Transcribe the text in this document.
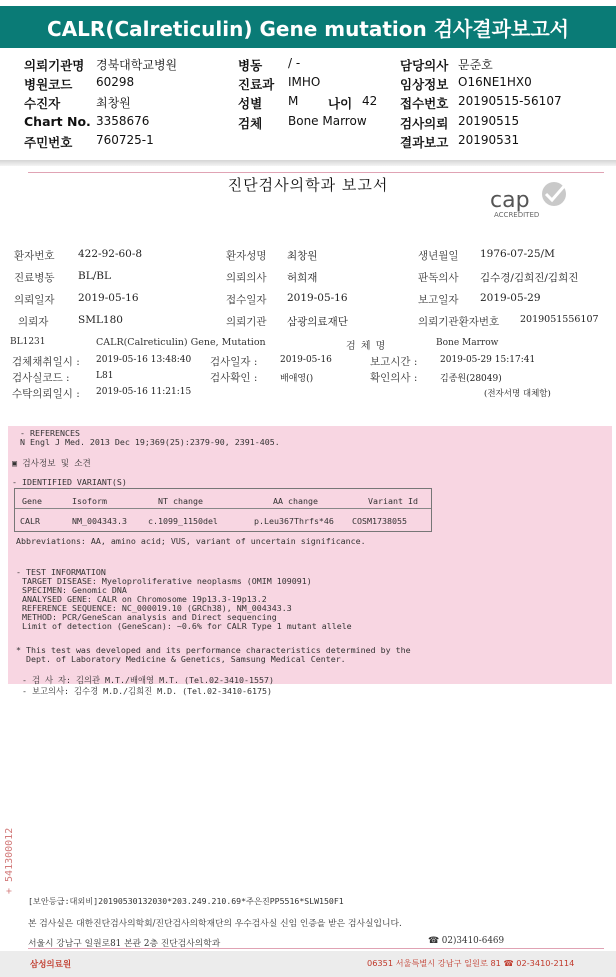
CALR(Calreticulin) Gene mutation 검사결과보고서
의뢰기관명 경북대학교병원	병동 / -	담당의사 문준호
병원코드 60298	진료과 IMHO	임상정보 O16NE1HX0
수진자	최창원	성별 M 나이 42 접수번호 20190515-56107
Chart No. 3358676	검체 Bone Marrow	검사의뢰 20190515
주민번호 760725-1	결과보고 20190531
진단검사의학과 보고서
cap
ACCREDITED
환자번호 422-92-60-8	환자성명 최창원	생년월일 1976-07-25/M
진료병동 BL/BL	의뢰의사 허희재	판독의사 김수경/김희진/김희진
의뢰일자 2019-05-16	접수일자 2019-05-16	보고일자 2019-05-29
의뢰자	SML180	의뢰기관 삼광의료재단	의뢰기관환자번호 2019051556107
BL1231	CALR(Calreticulin) Gene, Mutation	검 체 명	Bone Marrow
검체채취일시 : 2019-05-16 13:48:40 검사일자 :	2019-05-16	보고시간 :	2019-05-29 15:17:41
검사실코드 :	L81	검사확인 :	배애영()	확인의사 :	김종원(28049)
수탁의뢰일시 : 2019-05-16 11:21:15	(전자서명 대체함)
- REFERENCES
N Engl J Med. 2013 Dec 19;369(25):2379-90, 2391-405.
▣ 검사정보 및 소견
- IDENTIFIED VARIANT(S)
Gene	Isoform	NT change	AA change	Variant Id
CALR	NM_004343.3	c.1099_1150del	p.Leu367Thrfs*46 COSM1738055
Abbreviations: AA, amino acid; VUS, variant of uncertain significance.
- TEST INFORMATION
TARGET DISEASE: Myeloproliferative neoplasms (OMIM 109091)
SPECIMEN: Genomic DNA
ANALYSED GENE: CALR on Chromosome 19p13.3-19p13.2
REFERENCE SEQUENCE: NC_000019.10 (GRCh38), NM_004343.3
METHOD: PCR/GeneScan analysis and Direct sequencing
Limit of detection (GeneScan): ~0.6% for CALR Type 1 mutant allele
* This test was developed and its performance characteristics determined by the
Dept. of Laboratory Medicine & Genetics, Samsung Medical Center.
- 검 사 자: 김의관 M.T./배애영 M.T. (Tel.02-3410-1557)
- 보고의사: 김수경 M.D./김희진 M.D. (Tel.02-3410-6175)
+ 541300012
[보안등급:대외비]20190530132030*203.249.210.69*주은진PP5516*SLW150F1
본 검사실은 대한진단검사의학회/진단검사의학재단의 우수검사실 신임 인증을 받은 검사실입니다.
서울시 강남구 일원로81 본관 2층 진단검사의학과	☎ 02)3410-6469
삼성의료원	06351 서울특별시 강남구 일원로 81 ☎ 02-3410-2114
